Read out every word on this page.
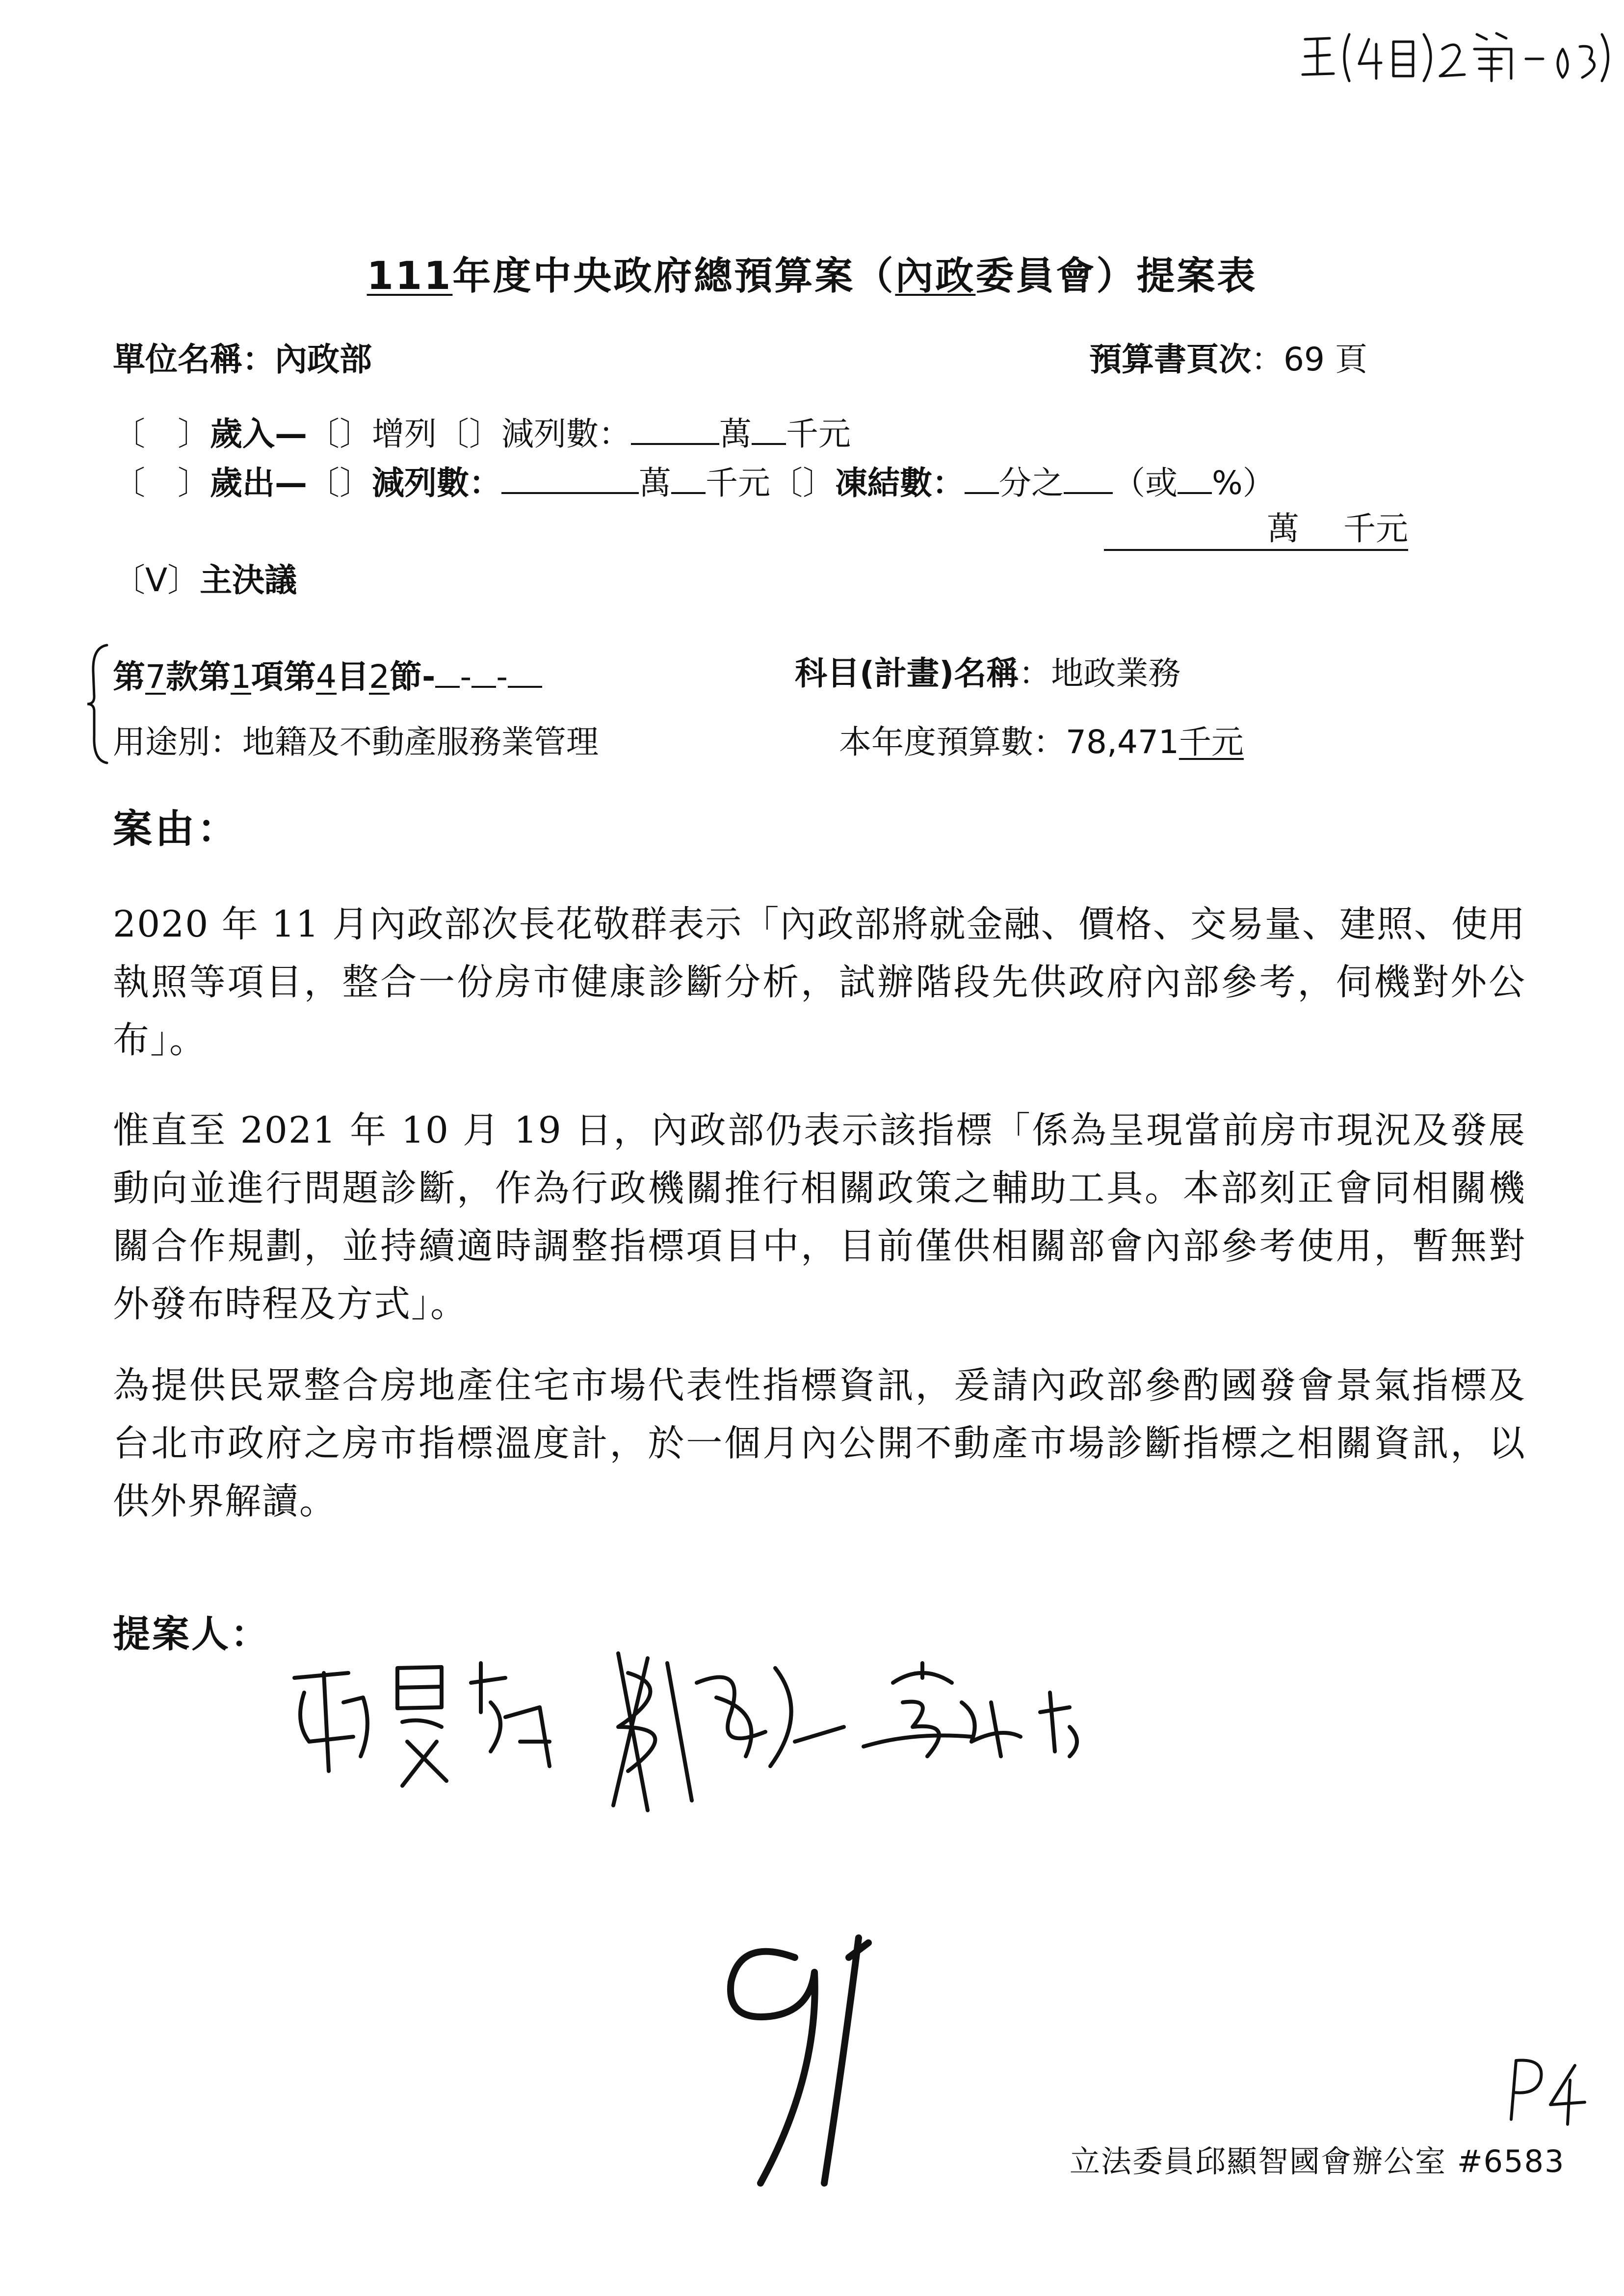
111年度中央政府總預算案（內政委員會）提案表
單位名稱：內政部	預算書頁次：69 頁
〔　〕歲入—〔〕增列〔〕減列數：	萬 千元
〔　〕歲出—〔〕減列數：	萬 千元〔〕凍結數： 分之 （或 %）
萬 千元
〔V〕主決議
第7款第1項第4目2節- - -	科目(計畫)名稱：地政業務
用途別：地籍及不動產服務業管理	本年度預算數：78,471千元
案由：
2020 年 11 月內政部次長花敬群表示「內政部將就金融、價格、交易量、建照、使用執照等項目，整合一份房市健康診斷分析，試辦階段先供政府內部參考，伺機對外公布」。
惟直至 2021 年 10 月 19 日，內政部仍表示該指標「係為呈現當前房市現況及發展動向並進行問題診斷，作為行政機關推行相關政策之輔助工具。本部刻正會同相關機關合作規劃，並持續適時調整指標項目中，目前僅供相關部會內部參考使用，暫無對外發布時程及方式」。
為提供民眾整合房地產住宅市場代表性指標資訊，爰請內政部參酌國發會景氣指標及台北市政府之房市指標溫度計，於一個月內公開不動產市場診斷指標之相關資訊，以供外界解讀。
提案人：
立法委員邱顯智國會辦公室 #6583
